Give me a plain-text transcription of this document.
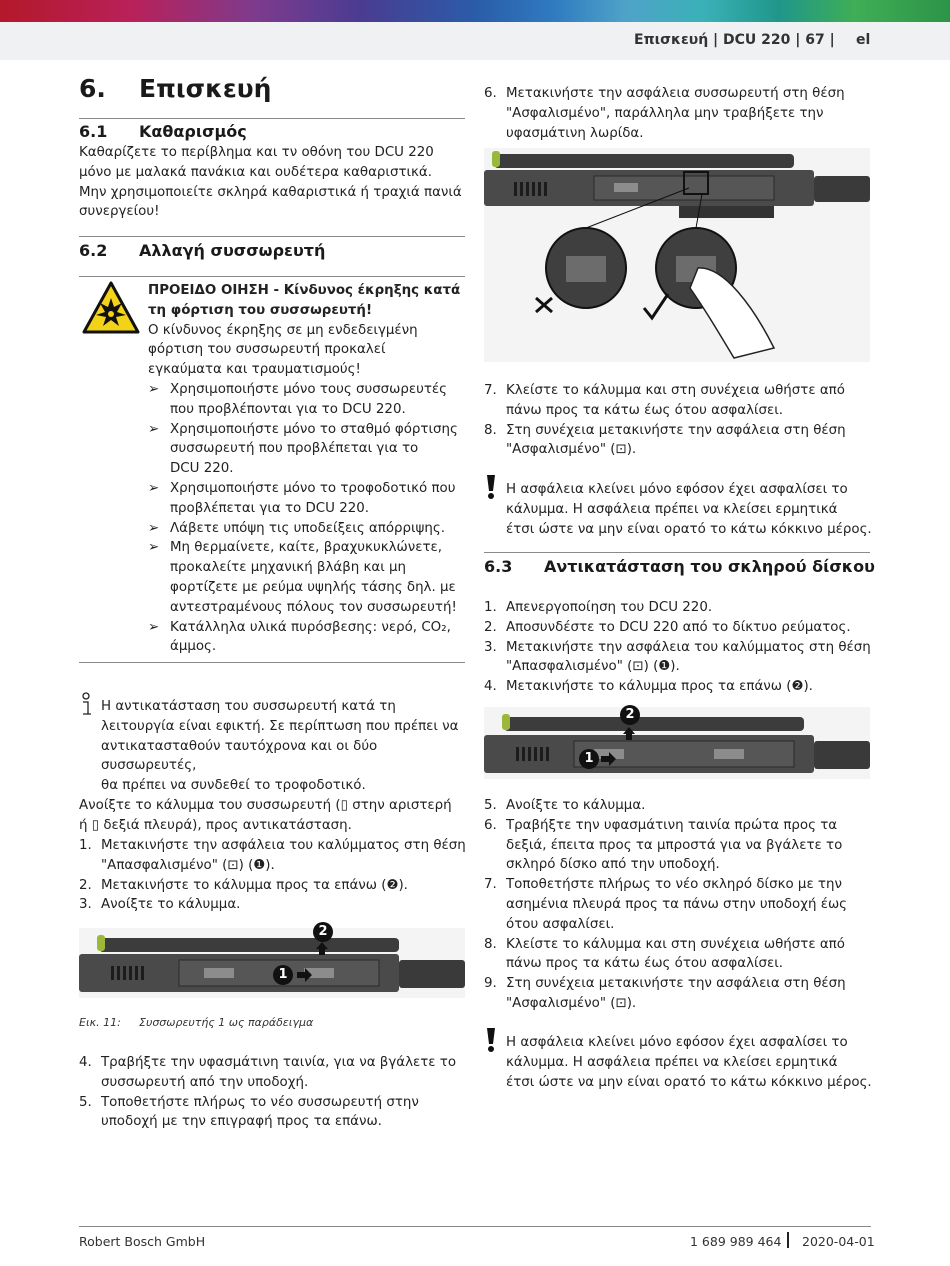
Επισκευή | DCU 220 | 67 | el
6. Επισκευή
6.1 Καθαρισμός

Καθαρίζετε το περίβλημα και τν οθόνη του DCU 220

μόνο με μαλακά πανάκια και ουδέτερα καθαριστικά.

Μην χρησιμοποιείτε σκληρά καθαριστικά ή τραχιά πανιά

συνεργείου!

6.2 Αλλαγή συσσωρευτή

ΠΡΟΕΙΔΟ ΟΙΗΣΗ - Κίνδυνος έκρηξης κατά

τη φόρτιση του συσσωρευτή!

Ο κίνδυνος έκρηξης σε μη ενδεδειγμένη

φόρτιση του συσσωρευτή προκαλεί

εγκαύματα και τραυματισμούς!

➢ Χρησιμοποιήστε μόνο τους συσσωρευτές

που προβλέπονται για το DCU 220.

➢ Χρησιμοποιήστε μόνο το σταθμό φόρτισης

συσσωρευτή που προβλέπεται για το

DCU 220.

➢ Χρησιμοποιήστε μόνο το τροφοδοτικό που

προβλέπεται για το DCU 220.

➢ Λάβετε υπόψη τις υποδείξεις απόρριψης.

➢ Μη θερμαίνετε, καίτε, βραχυκυκλώνετε,

προκαλείτε μηχανική βλάβη και μη

φορτίζετε με ρεύμα υψηλής τάσης δηλ. με

αντεστραμένους πόλους τον συσσωρευτή!

➢ Κατάλληλα υλικά πυρόσβεσης: νερό, CO₂,

άμμος.

Η αντικατάσταση του συσσωρευτή κατά τη

λειτουργία είναι εφικτή. Σε περίπτωση που πρέπει να

αντικατασταθούν ταυτόχρονα και οι δύο συσσωρευτές,

θα πρέπει να συνδεθεί το τροφοδοτικό.

Ανοίξτε το κάλυμμα του συσσωρευτή (▯ στην αριστερή

ή ▯ δεξιά πλευρά), προς αντικατάσταση.

1. Μετακινήστε την ασφάλεια του καλύμματος στη θέση

"Απασφαλισμένο" (⊡) (❶).

2. Μετακινήστε το κάλυμμα προς τα επάνω (❷).

3. Ανοίξτε το κάλυμμα.

2
1
Εικ. 11: Συσσωρευτής 1 ως παράδειγμα
4. Τραβήξτε την υφασμάτινη ταινία, για να βγάλετε το

συσσωρευτή από την υποδοχή.

5. Τοποθετήστε πλήρως το νέο συσσωρευτή στην

υποδοχή με την επιγραφή προς τα επάνω.

6. Μετακινήστε την ασφάλεια συσσωρευτή στη θέση

"Ασφαλισμένο", παράλληλα μην τραβήξετε την

υφασμάτινη λωρίδα.

7. Κλείστε το κάλυμμα και στη συνέχεια ωθήστε από

πάνω προς τα κάτω έως ότου ασφαλίσει.

8. Στη συνέχεια μετακινήστε την ασφάλεια στη θέση

"Ασφαλισμένο" (⊡).

Η ασφάλεια κλείνει μόνο εφόσον έχει ασφαλίσει το

κάλυμμα. Η ασφάλεια πρέπει να κλείσει ερμητικά

έτσι ώστε να μην είναι ορατό το κάτω κόκκινο μέρος.

6.3 Αντικατάσταση του σκληρού δίσκου
1. Απενεργοποίηση του DCU 220.

2. Αποσυνδέστε το DCU 220 από το δίκτυο ρεύματος.

3. Μετακινήστε την ασφάλεια του καλύμματος στη θέση

"Απασφαλισμένο" (⊡) (❶).

4. Μετακινήστε το κάλυμμα προς τα επάνω (❷).

2
1
5. Ανοίξτε το κάλυμμα.

6. Τραβήξτε την υφασμάτινη ταινία πρώτα προς τα

δεξιά, έπειτα προς τα μπροστά για να βγάλετε το

σκληρό δίσκο από την υποδοχή.

7. Τοποθετήστε πλήρως το νέο σκληρό δίσκο με την

ασημένια πλευρά προς τα πάνω στην υποδοχή έως

ότου ασφαλίσει.

8. Κλείστε το κάλυμμα και στη συνέχεια ωθήστε από

πάνω προς τα κάτω έως ότου ασφαλίσει.

9. Στη συνέχεια μετακινήστε την ασφάλεια στη θέση

"Ασφαλισμένο" (⊡).

Η ασφάλεια κλείνει μόνο εφόσον έχει ασφαλίσει το

κάλυμμα. Η ασφάλεια πρέπει να κλείσει ερμητικά

έτσι ώστε να μην είναι ορατό το κάτω κόκκινο μέρος.

Robert Bosch GmbH	1 689 989 464 2020-04-01
